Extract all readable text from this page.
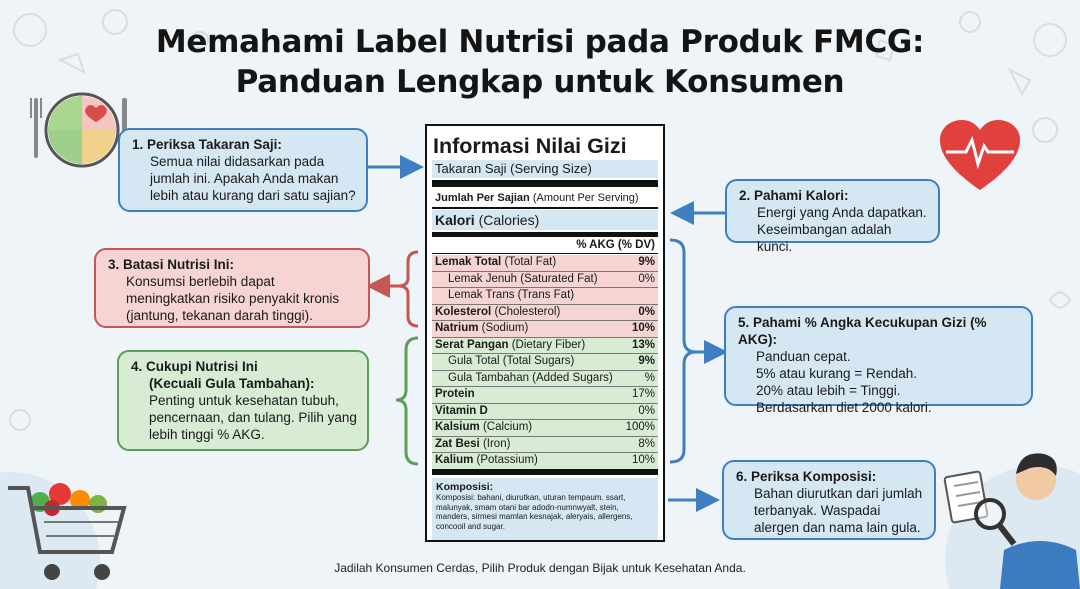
Memahami Label Nutrisi pada Produk FMCG:
Panduan Lengkap untuk Konsumen
1. Periksa Takaran Saji:
Semua nilai didasarkan pada jumlah ini. Apakah Anda makan lebih atau kurang dari satu sajian?	2. Pahami Kalori:
Energi yang Anda dapatkan. Keseimbangan adalah kunci.
3. Batasi Nutrisi Ini:
Konsumsi berlebih dapat meningkatkan risiko penyakit kronis (jantung, tekanan darah tinggi).
4. Cukupi Nutrisi Ini
(Kecuali Gula Tambahan):
Penting untuk kesehatan tubuh, pencernaan, dan tulang. Pilih yang lebih tinggi % AKG.
5. Pahami % Angka Kecukupan Gizi (% AKG):
Panduan cepat.
5% atau kurang = Rendah.
20% atau lebih = Tinggi.
Berdasarkan diet 2000 kalori.
6. Periksa Komposisi:
Bahan diurutkan dari jumlah terbanyak. Waspadai alergen dan nama lain gula.
Informasi Nilai Gizi
Takaran Saji (Serving Size)
Jumlah Per Sajian (Amount Per Serving)
Kalori (Calories)
% AKG (% DV)
Lemak Total (Total Fat)	9%
Lemak Jenuh (Saturated Fat)	0%
Lemak Trans (Trans Fat)
Kolesterol (Cholesterol)	0%
Natrium (Sodium)	10%
Serat Pangan (Dietary Fiber)	13%
Gula Total (Total Sugars)	9%
Gula Tambahan (Added Sugars)	%
Protein	17%
Vitamin D	0%
Kalsium (Calcium)	100%
Zat Besi (Iron)	8%
Kalium (Potassium)	10%
Komposisi:
Komposisi: bahani, diurutkan, uturan tempaum. ssart, malunyak, smam otani bar adodn-numnwyalt, stein, manders, sirmesi mamlan kesnajak, aleryais, allergens, concooil and sugar.
Jadilah Konsumen Cerdas, Pilih Produk dengan Bijak untuk Kesehatan Anda.
